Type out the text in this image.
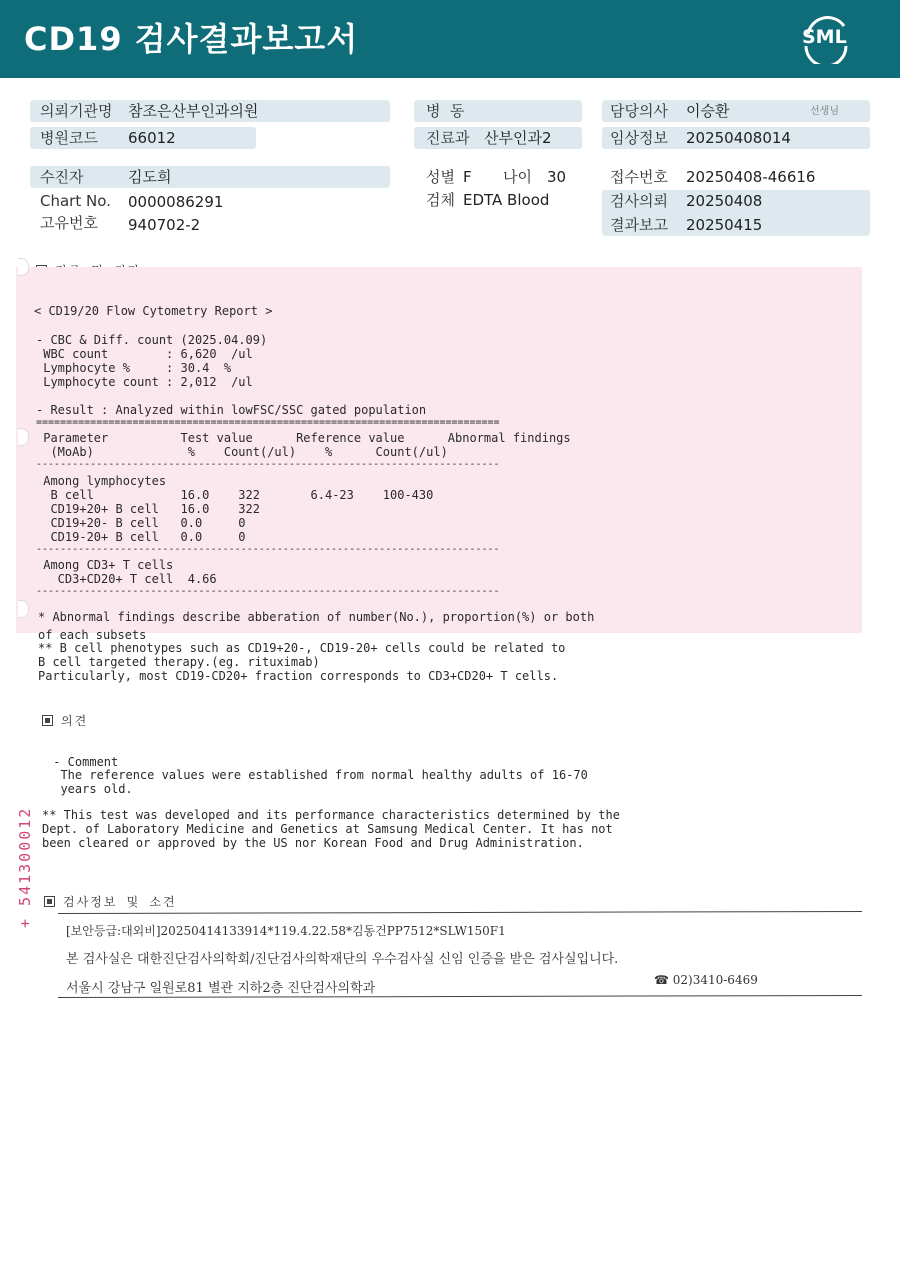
CD19 검사결과보고서	SML
의뢰기관명 참조은산부인과의원
병원코드 66012
병  동
진료과 산부인과2
담당의사 이승환	선생님
임상정보 20250408014
수진자	김도희	성별 F 나이 30	접수번호 20250408-46616
Chart No. 0000086291	검체 EDTA Blood	검사의뢰 20250408
고유번호 940702-2	결과보고 20250415
< CD19/20 Flow Cytometry Report >
- CBC & Diff. count (2025.04.09)
WBC count        : 6,620  /ul
Lymphocyte %     : 30.4  %
Lymphocyte count : 2,012  /ul
- Result : Analyzed within lowFSC/SSC gated population
=============================================================================
Parameter          Test value      Reference value      Abnormal findings
(MoAb)             %    Count(/ul)    %      Count(/ul)
-----------------------------------------------------------------------------
Among lymphocytes
B cell            16.0    322       6.4-23    100-430
CD19+20+ B cell   16.0    322
CD19+20- B cell   0.0     0
CD19-20+ B cell   0.0     0
-----------------------------------------------------------------------------
Among CD3+ T cells
CD3+CD20+ T cell  4.66
-----------------------------------------------------------------------------
* Abnormal findings describe abberation of number(No.), proportion(%) or both
of each subsets
** B cell phenotypes such as CD19+20-, CD19-20+ cells could be related to
B cell targeted therapy.(eg. rituximab)
Particularly, most CD19-CD20+ fraction corresponds to CD3+CD20+ T cells.
의견
- Comment
The reference values were established from normal healthy adults of 16-70
years old.
** This test was developed and its performance characteristics determined by the
Dept. of Laboratory Medicine and Genetics at Samsung Medical Center. It has not
been cleared or approved by the US nor Korean Food and Drug Administration.
+ 541300012	검사정보 및 소견
[보안등급:대외비]20250414133914*119.4.22.58*김동건PP7512*SLW150F1
본 검사실은 대한진단검사의학회/진단검사의학재단의 우수검사실 신임 인증을 받은 검사실입니다.
서울시 강남구 일원로81 별관 지하2층 진단검사의학과
☎ 02)3410-6469
